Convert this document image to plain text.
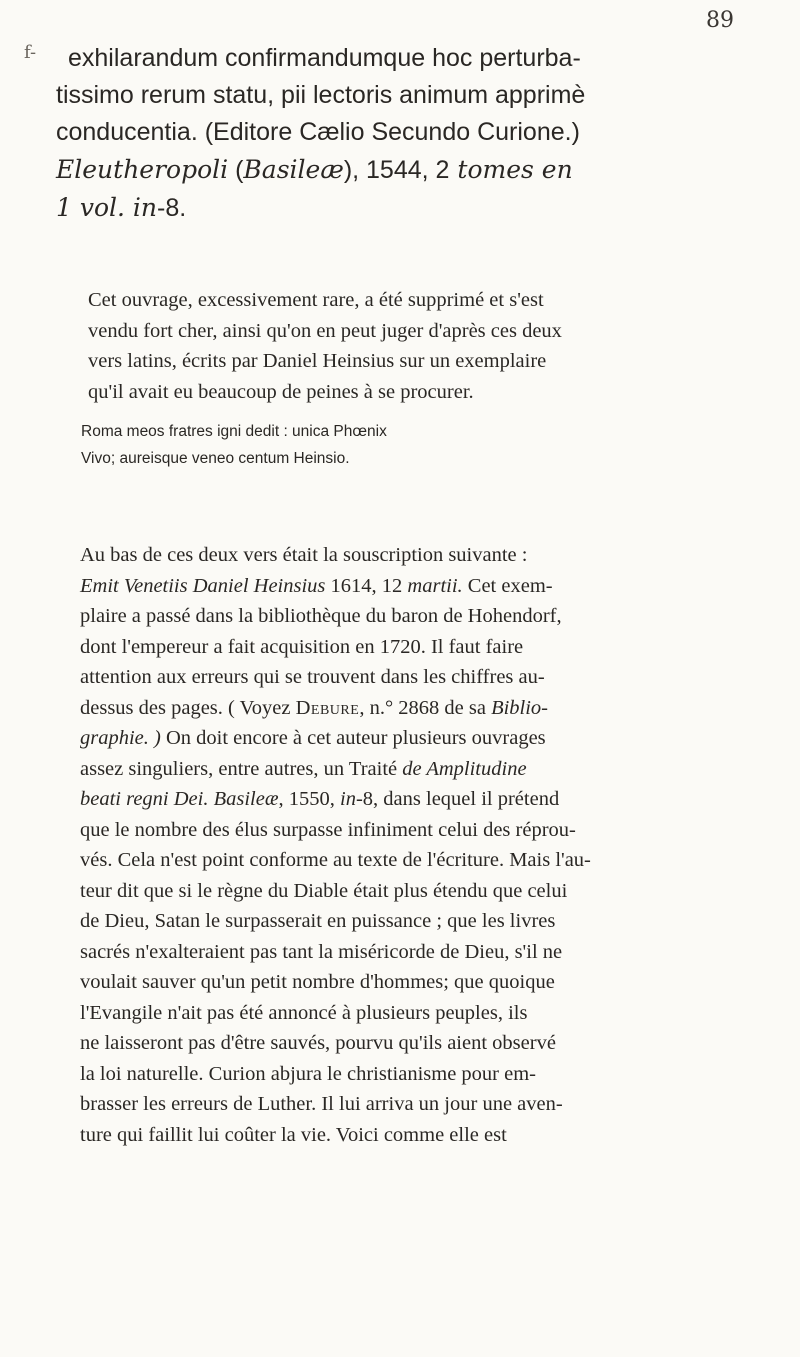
89
f-	exhilarandum confirmandumque hoc perturba-
tissimo rerum statu, pii lectoris animum apprimè
conducentia. (Editore Cælio Secundo Curione.)
Eleutheropoli (Basileæ), 1544, 2 tomes en
1 vol. in-8.

Cet ouvrage, excessivement rare, a été supprimé et s'est
vendu fort cher, ainsi qu'on en peut juger d'après ces deux
vers latins, écrits par Daniel Heinsius sur un exemplaire
qu'il avait eu beaucoup de peines à se procurer.

Roma meos fratres igni dedit : unica Phœnix
Vivo; aureisque veneo centum Heinsio.

Au bas de ces deux vers était la souscription suivante :
Emit Venetiis Daniel Heinsius 1614, 12 martii. Cet exem-
plaire a passé dans la bibliothèque du baron de Hohendorf,
dont l'empereur a fait acquisition en 1720. Il faut faire
attention aux erreurs qui se trouvent dans les chiffres au-
dessus des pages. ( Voyez Debure, n.° 2868 de sa Biblio-
graphie. ) On doit encore à cet auteur plusieurs ouvrages
assez singuliers, entre autres, un Traité de Amplitudine
beati regni Dei. Basileæ, 1550, in-8, dans lequel il prétend
que le nombre des élus surpasse infiniment celui des réprou-
vés. Cela n'est point conforme au texte de l'écriture. Mais l'au-
teur dit que si le règne du Diable était plus étendu que celui
de Dieu, Satan le surpasserait en puissance ; que les livres
sacrés n'exalteraient pas tant la miséricorde de Dieu, s'il ne
voulait sauver qu'un petit nombre d'hommes; que quoique
l'Evangile n'ait pas été annoncé à plusieurs peuples, ils
ne laisseront pas d'être sauvés, pourvu qu'ils aient observé
la loi naturelle. Curion abjura le christianisme pour em-
brasser les erreurs de Luther. Il lui arriva un jour une aven-
ture qui faillit lui coûter la vie. Voici comme elle est
